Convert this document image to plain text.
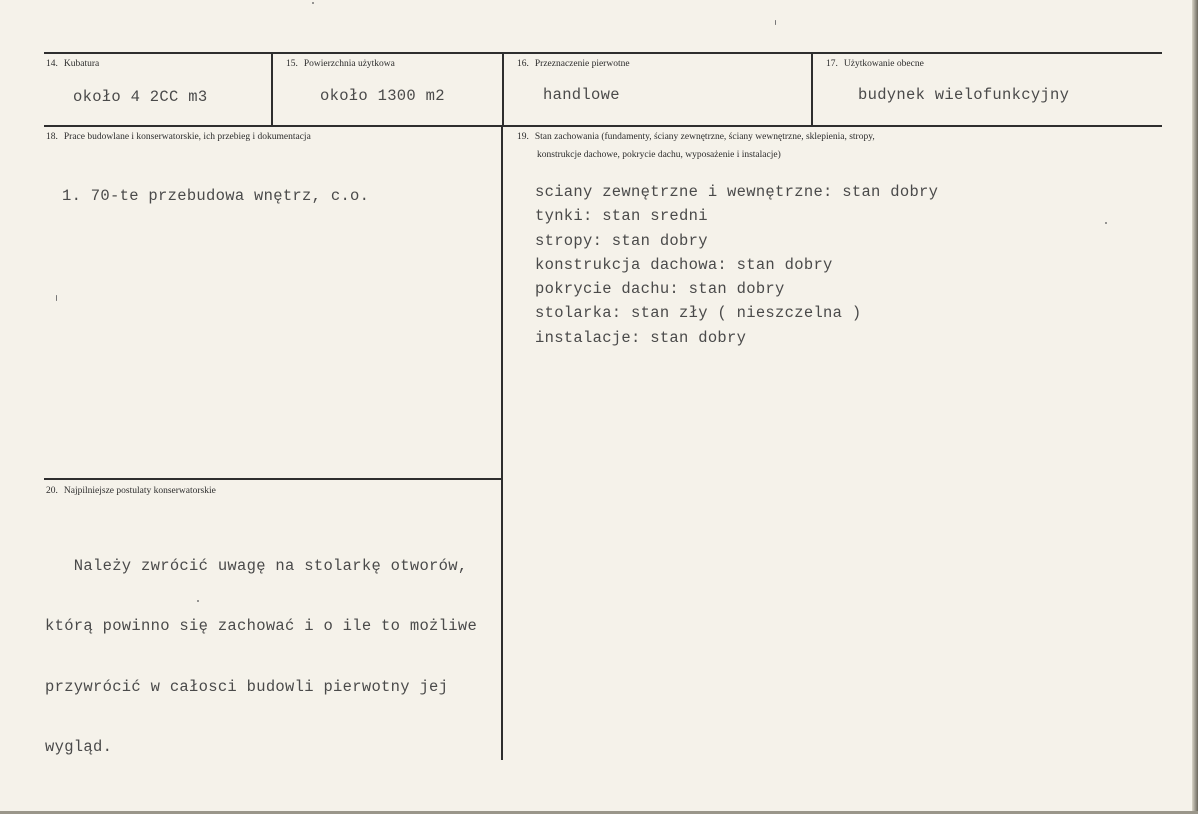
14. Kubatura
około 4 2CC m3
15. Powierzchnia użytkowa
około 1300 m2
16. Przeznaczenie pierwotne
handlowe
17. Użytkowanie obecne
budynek wielofunkcyjny
18. Prace budowlane i konserwatorskie, ich przebieg i dokumentacja
1. 70-te przebudowa wnętrz, c.o.
19. Stan zachowania (fundamenty, ściany zewnętrzne, ściany wewnętrzne, sklepienia, stropy,
konstrukcje dachowe, pokrycie dachu, wyposażenie i instalacje)
sciany zewnętrzne i wewnętrzne: stan dobry
tynki: stan sredni
stropy: stan dobry
konstrukcja dachowa: stan dobry
pokrycie dachu: stan dobry
stolarka: stan zły ( nieszczelna )
instalacje: stan dobry
20. Najpilniejsze postulaty konserwatorskie

Należy zwrócić uwagę na stolarkę otworów,

którą powinno się zachować i o ile to możliwe

przywrócić w całosci budowli pierwotny jej

wygląd.
